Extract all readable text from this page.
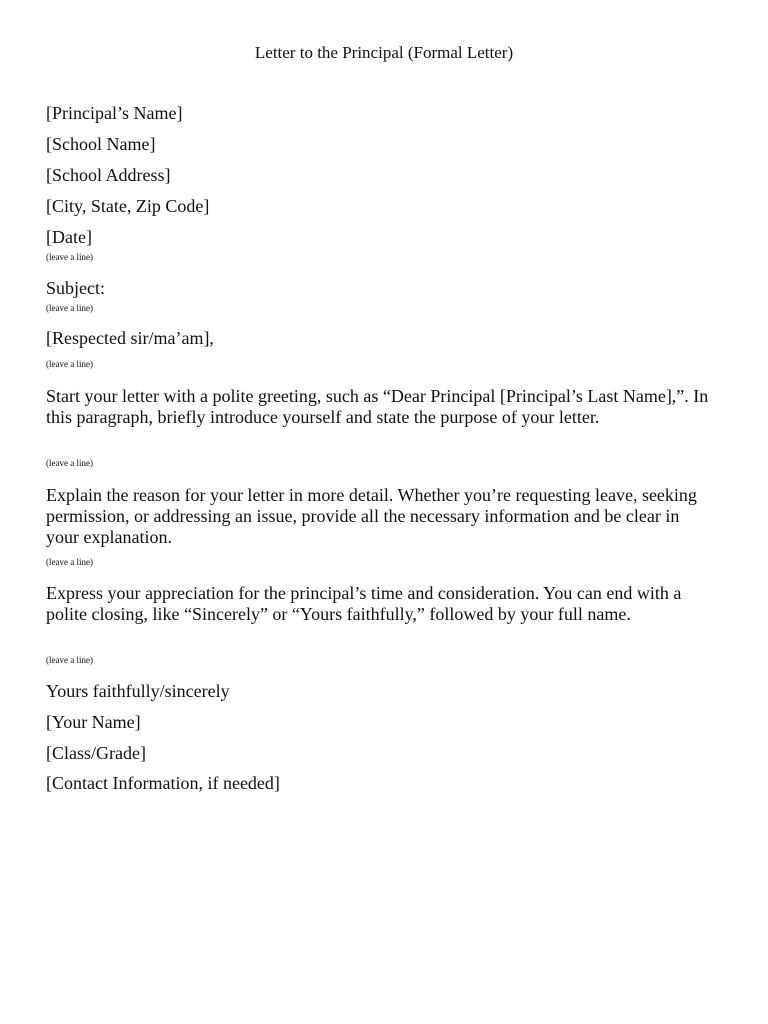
Letter to the Principal (Formal Letter)
[Principal’s Name]
[School Name]
[School Address]
[City, State, Zip Code]
[Date]
(leave a line)
Subject:
(leave a line)
[Respected sir/ma’am],
(leave a line)

Start your letter with a polite greeting, such as “Dear Principal [Principal’s Last Name],”. In this paragraph, briefly introduce yourself and state the purpose of your letter.

(leave a line)

Explain the reason for your letter in more detail. Whether you’re requesting leave, seeking permission, or addressing an issue, provide all the necessary information and be clear in your explanation.

(leave a line)

Express your appreciation for the principal’s time and consideration. You can end with a polite closing, like “Sincerely” or “Yours faithfully,” followed by your full name.

(leave a line)
Yours faithfully/sincerely
[Your Name]
[Class/Grade]
[Contact Information, if needed]
